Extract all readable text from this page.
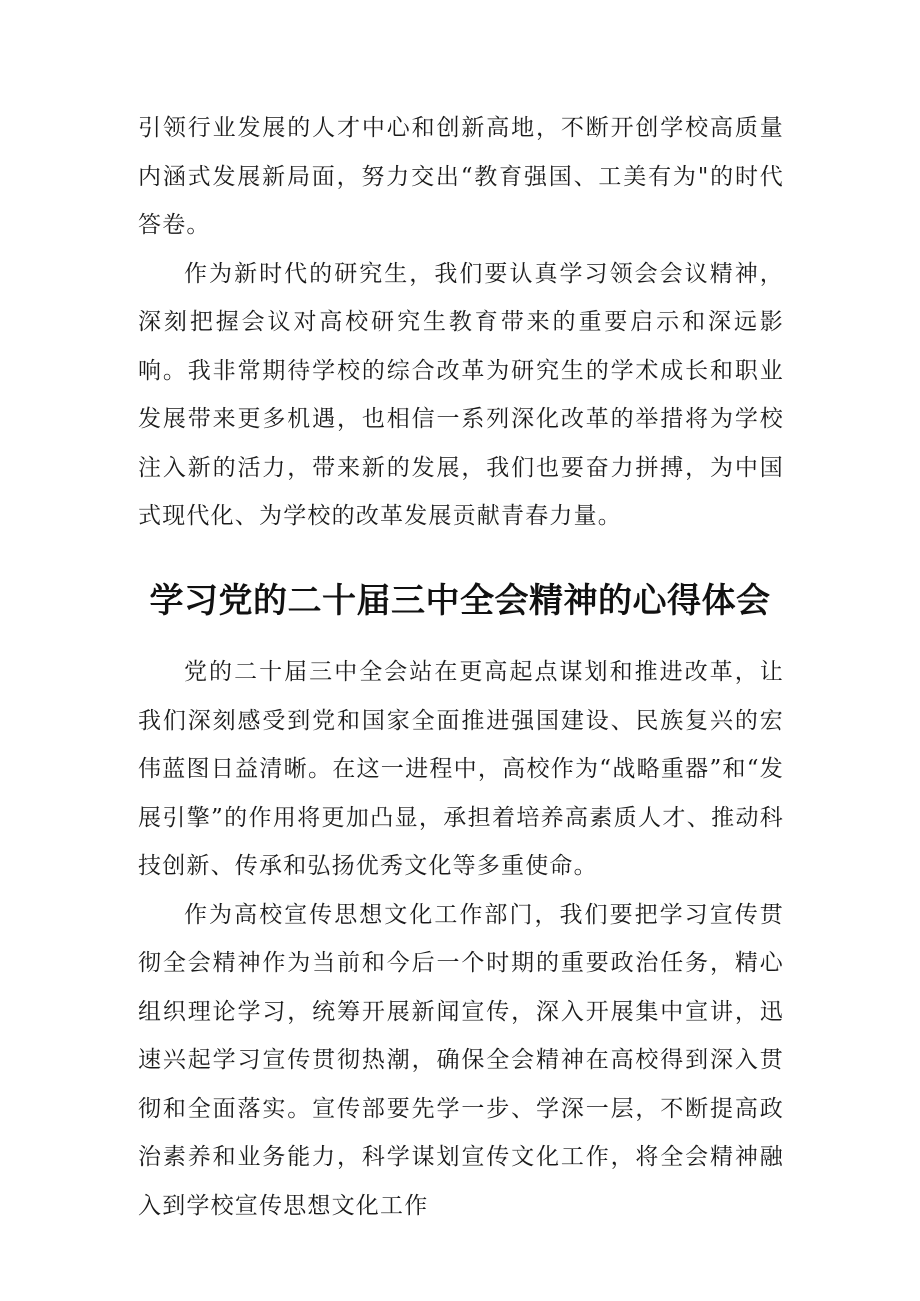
引领行业发展的人才中心和创新高地，不断开创学校高质量内涵式发展新局面，努力交出“教育强国、工美有为"的时代答卷。

作为新时代的研究生，我们要认真学习领会会议精神，深刻把握会议对高校研究生教育带来的重要启示和深远影响。我非常期待学校的综合改革为研究生的学术成长和职业发展带来更多机遇，也相信一系列深化改革的举措将为学校注入新的活力，带来新的发展，我们也要奋力拼搏，为中国式现代化、为学校的改革发展贡献青春力量。

学习党的二十届三中全会精神的心得体会

党的二十届三中全会站在更高起点谋划和推进改革，让我们深刻感受到党和国家全面推进强国建设、民族复兴的宏伟蓝图日益清晰。在这一进程中，高校作为“战略重器”和“发展引擎”的作用将更加凸显，承担着培养高素质人才、推动科技创新、传承和弘扬优秀文化等多重使命。

作为高校宣传思想文化工作部门，我们要把学习宣传贯彻全会精神作为当前和今后一个时期的重要政治任务，精心组织理论学习，统筹开展新闻宣传，深入开展集中宣讲，迅速兴起学习宣传贯彻热潮，确保全会精神在高校得到深入贯彻和全面落实。宣传部要先学一步、学深一层，不断提高政治素养和业务能力，科学谋划宣传文化工作，将全会精神融入到学校宣传思想文化工作
